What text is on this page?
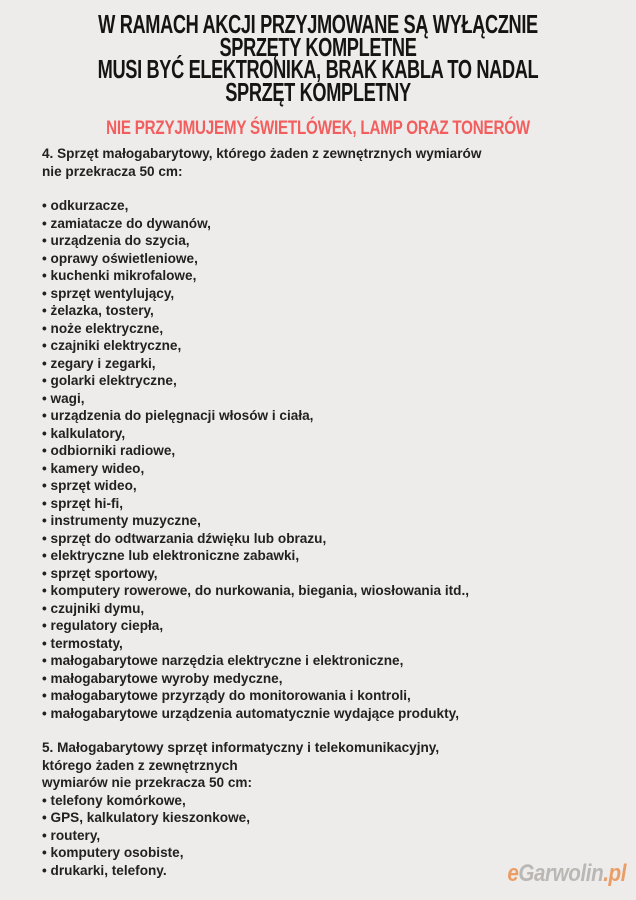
W RAMACH AKCJI PRZYJMOWANE SĄ WYŁĄCZNIE
SPRZĘTY KOMPLETNE
MUSI BYĆ ELEKTRONIKA, BRAK KABLA TO NADAL
SPRZĘT KOMPLETNY
NIE PRZYJMUJEMY ŚWIETLÓWEK, LAMP ORAZ TONERÓW
4. Sprzęt małogabarytowy, którego żaden z zewnętrznych wymiarów
nie przekracza 50 cm:
• odkurzacze,
• zamiatacze do dywanów,
• urządzenia do szycia,
• oprawy oświetleniowe,
• kuchenki mikrofalowe,
• sprzęt wentylujący,
• żelazka, tostery,
• noże elektryczne,
• czajniki elektryczne,
• zegary i zegarki,
• golarki elektryczne,
• wagi,
• urządzenia do pielęgnacji włosów i ciała,
• kalkulatory,
• odbiorniki radiowe,
• kamery wideo,
• sprzęt wideo,
• sprzęt hi-fi,
• instrumenty muzyczne,
• sprzęt do odtwarzania dźwięku lub obrazu,
• elektryczne lub elektroniczne zabawki,
• sprzęt sportowy,
• komputery rowerowe, do nurkowania, biegania, wiosłowania itd.,
• czujniki dymu,
• regulatory ciepła,
• termostaty,
• małogabarytowe narzędzia elektryczne i elektroniczne,
• małogabarytowe wyroby medyczne,
• małogabarytowe przyrządy do monitorowania i kontroli,
• małogabarytowe urządzenia automatycznie wydające produkty,
5. Małogabarytowy sprzęt informatyczny i telekomunikacyjny,
którego żaden z zewnętrznych
wymiarów nie przekracza 50 cm:
• telefony komórkowe,
• GPS, kalkulatory kieszonkowe,
• routery,
• komputery osobiste,
• drukarki, telefony.	eGarwolin.pl
